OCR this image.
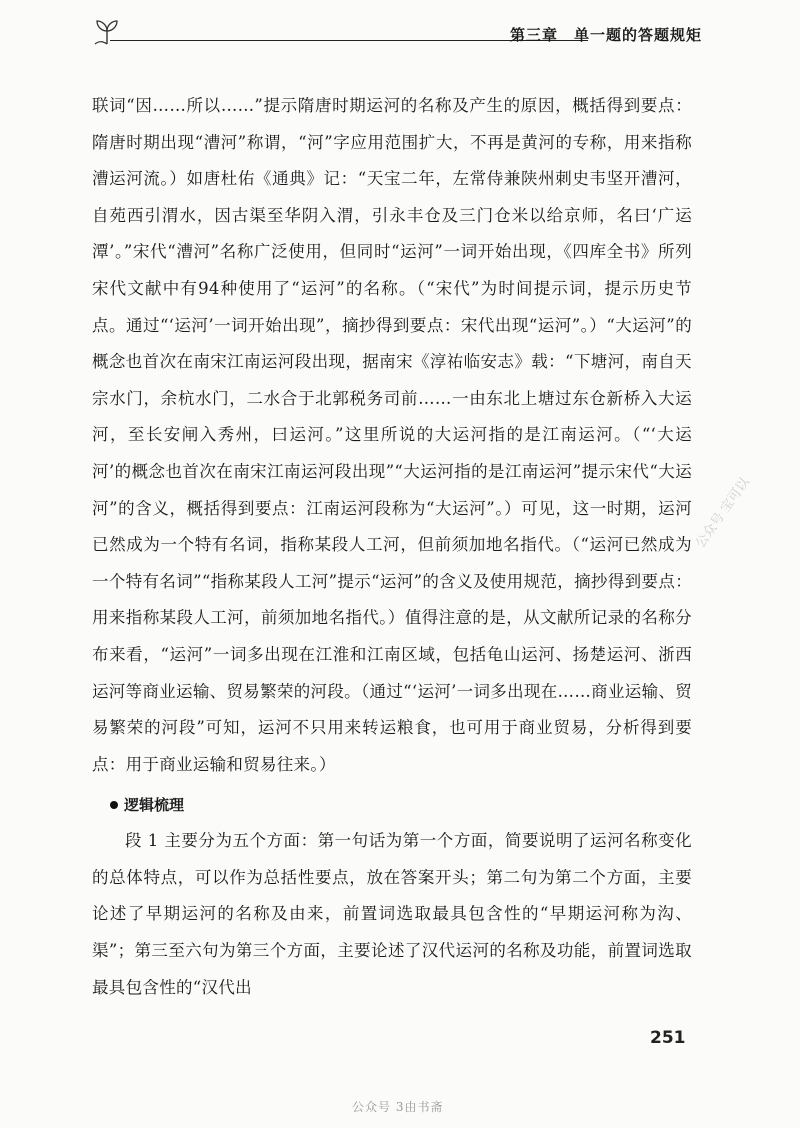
第三章 单一题的答题规矩

联词“因……所以……”提示隋唐时期运河的名称及产生的原因，概括得到要点：隋唐时期出现“漕河”称谓，“河”字应用范围扩大，不再是黄河的专称，用来指称漕运河流。）如唐杜佑《通典》记：“天宝二年，左常侍兼陕州刺史韦坚开漕河，自苑西引渭水，因古渠至华阴入渭，引永丰仓及三门仓米以给京师，名曰‘广运潭’。”宋代“漕河”名称广泛使用，但同时“运河”一词开始出现，《四库全书》所列宋代文献中有94种使用了“运河”的名称。（“宋代”为时间提示词，提示历史节点。通过“‘运河’一词开始出现”，摘抄得到要点：宋代出现“运河”。）“大运河”的概念也首次在南宋江南运河段出现，据南宋《淳祐临安志》载：“下塘河，南自天宗水门，余杭水门，二水合于北郭税务司前……一由东北上塘过东仓新桥入大运河，至长安闸入秀州，曰运河。”这里所说的大运河指的是江南运河。（“‘大运河’的概念也首次在南宋江南运河段出现”“大运河指的是江南运河”提示宋代“大运河”的含义，概括得到要点：江南运河段称为“大运河”。）可见，这一时期，运河已然成为一个特有名词，指称某段人工河，但前须加地名指代。（“运河已然成为一个特有名词”“指称某段人工河”提示“运河”的含义及使用规范，摘抄得到要点：用来指称某段人工河，前须加地名指代。）值得注意的是，从文献所记录的名称分布来看，“运河”一词多出现在江淮和江南区域，包括龟山运河、扬楚运河、浙西运河等商业运输、贸易繁荣的河段。（通过“‘运河’一词多出现在……商业运输、贸易繁荣的河段”可知，运河不只用来转运粮食，也可用于商业贸易，分析得到要点：用于商业运输和贸易往来。）

逻辑梳理

段 1 主要分为五个方面：第一句话为第一个方面，简要说明了运河名称变化的总体特点，可以作为总括性要点，放在答案开头；第二句为第二个方面，主要论述了早期运河的名称及由来，前置词选取最具包含性的“早期运河称为沟、渠”；第三至六句为第三个方面，主要论述了汉代运河的名称及功能，前置词选取最具包含性的“汉代出

公众号 宝可以
251
公众号 3由书斋
